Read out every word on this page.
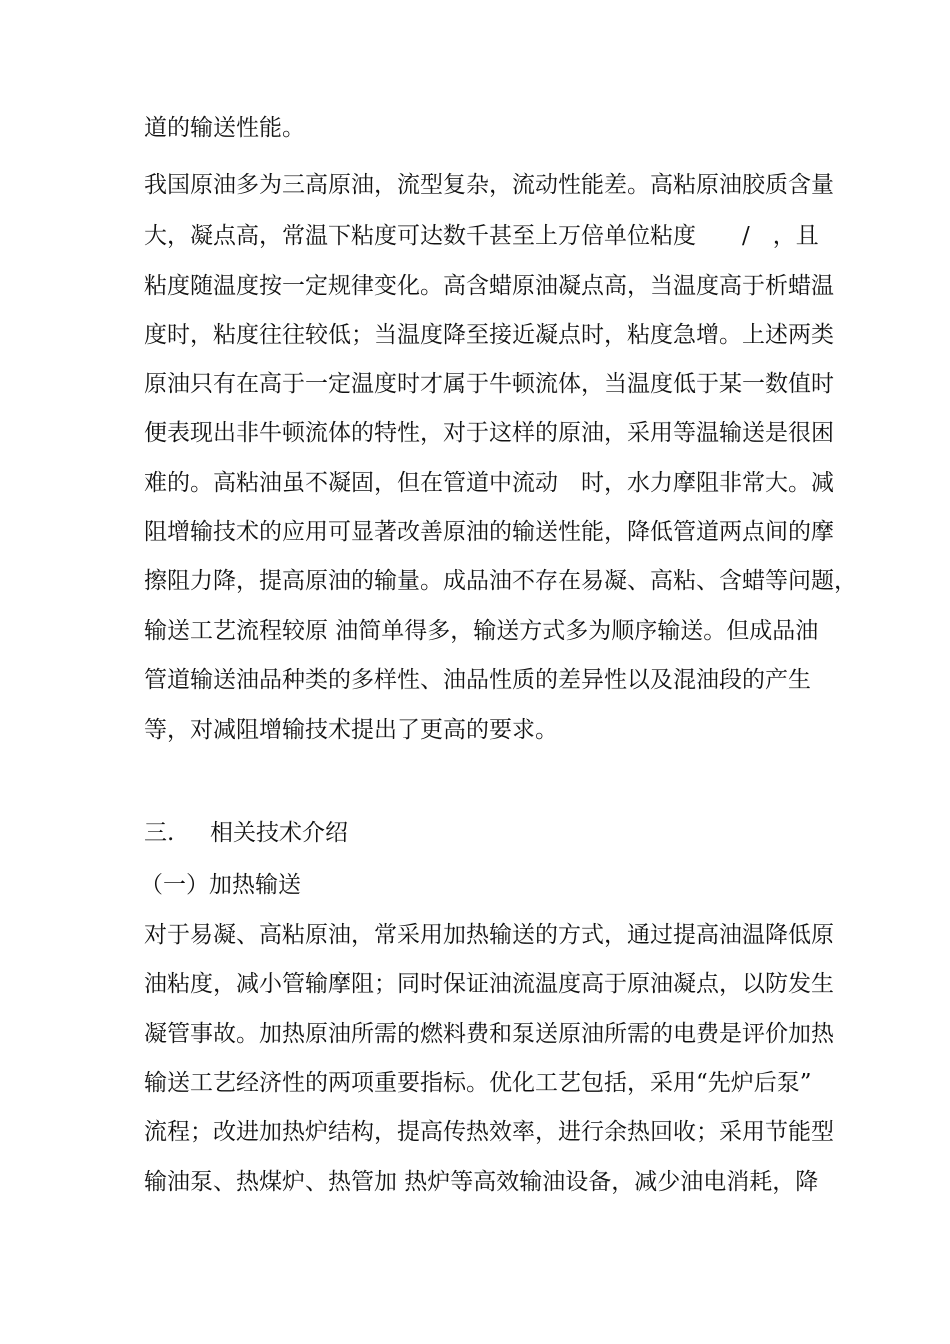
道的输送性能。
我国原油多为三高原油，流型复杂，流动性能差。高粘原油胶质含量
大，凝点高，常温下粘度可达数千甚至上万倍单位粘度　　/　，且
粘度随温度按一定规律变化。高含蜡原油凝点高，当温度高于析蜡温
度时，粘度往往较低；当温度降至接近凝点时，粘度急增。上述两类
原油只有在高于一定温度时才属于牛顿流体，当温度低于某一数值时
便表现出非牛顿流体的特性，对于这样的原油，采用等温输送是很困
难的。高粘油虽不凝固，但在管道中流动　时，水力摩阻非常大。减
阻增输技术的应用可显著改善原油的输送性能，降低管道两点间的摩
擦阻力降，提高原油的输量。成品油不存在易凝、高粘、含蜡等问题，
输送工艺流程较原 油简单得多，输送方式多为顺序输送。但成品油
管道输送油品种类的多样性、油品性质的差异性以及混油段的产生
等，对减阻增输技术提出了更高的要求。
三. 相关技术介绍
（一）加热输送
对于易凝、高粘原油，常采用加热输送的方式，通过提高油温降低原
油粘度，减小管输摩阻；同时保证油流温度高于原油凝点，以防发生
凝管事故。加热原油所需的燃料费和泵送原油所需的电费是评价加热
输送工艺经济性的两项重要指标。优化工艺包括，采用“先炉后泵”
流程；改进加热炉结构，提高传热效率，进行余热回收；采用节能型
输油泵、热煤炉、热管加 热炉等高效输油设备，减少油电消耗，降
